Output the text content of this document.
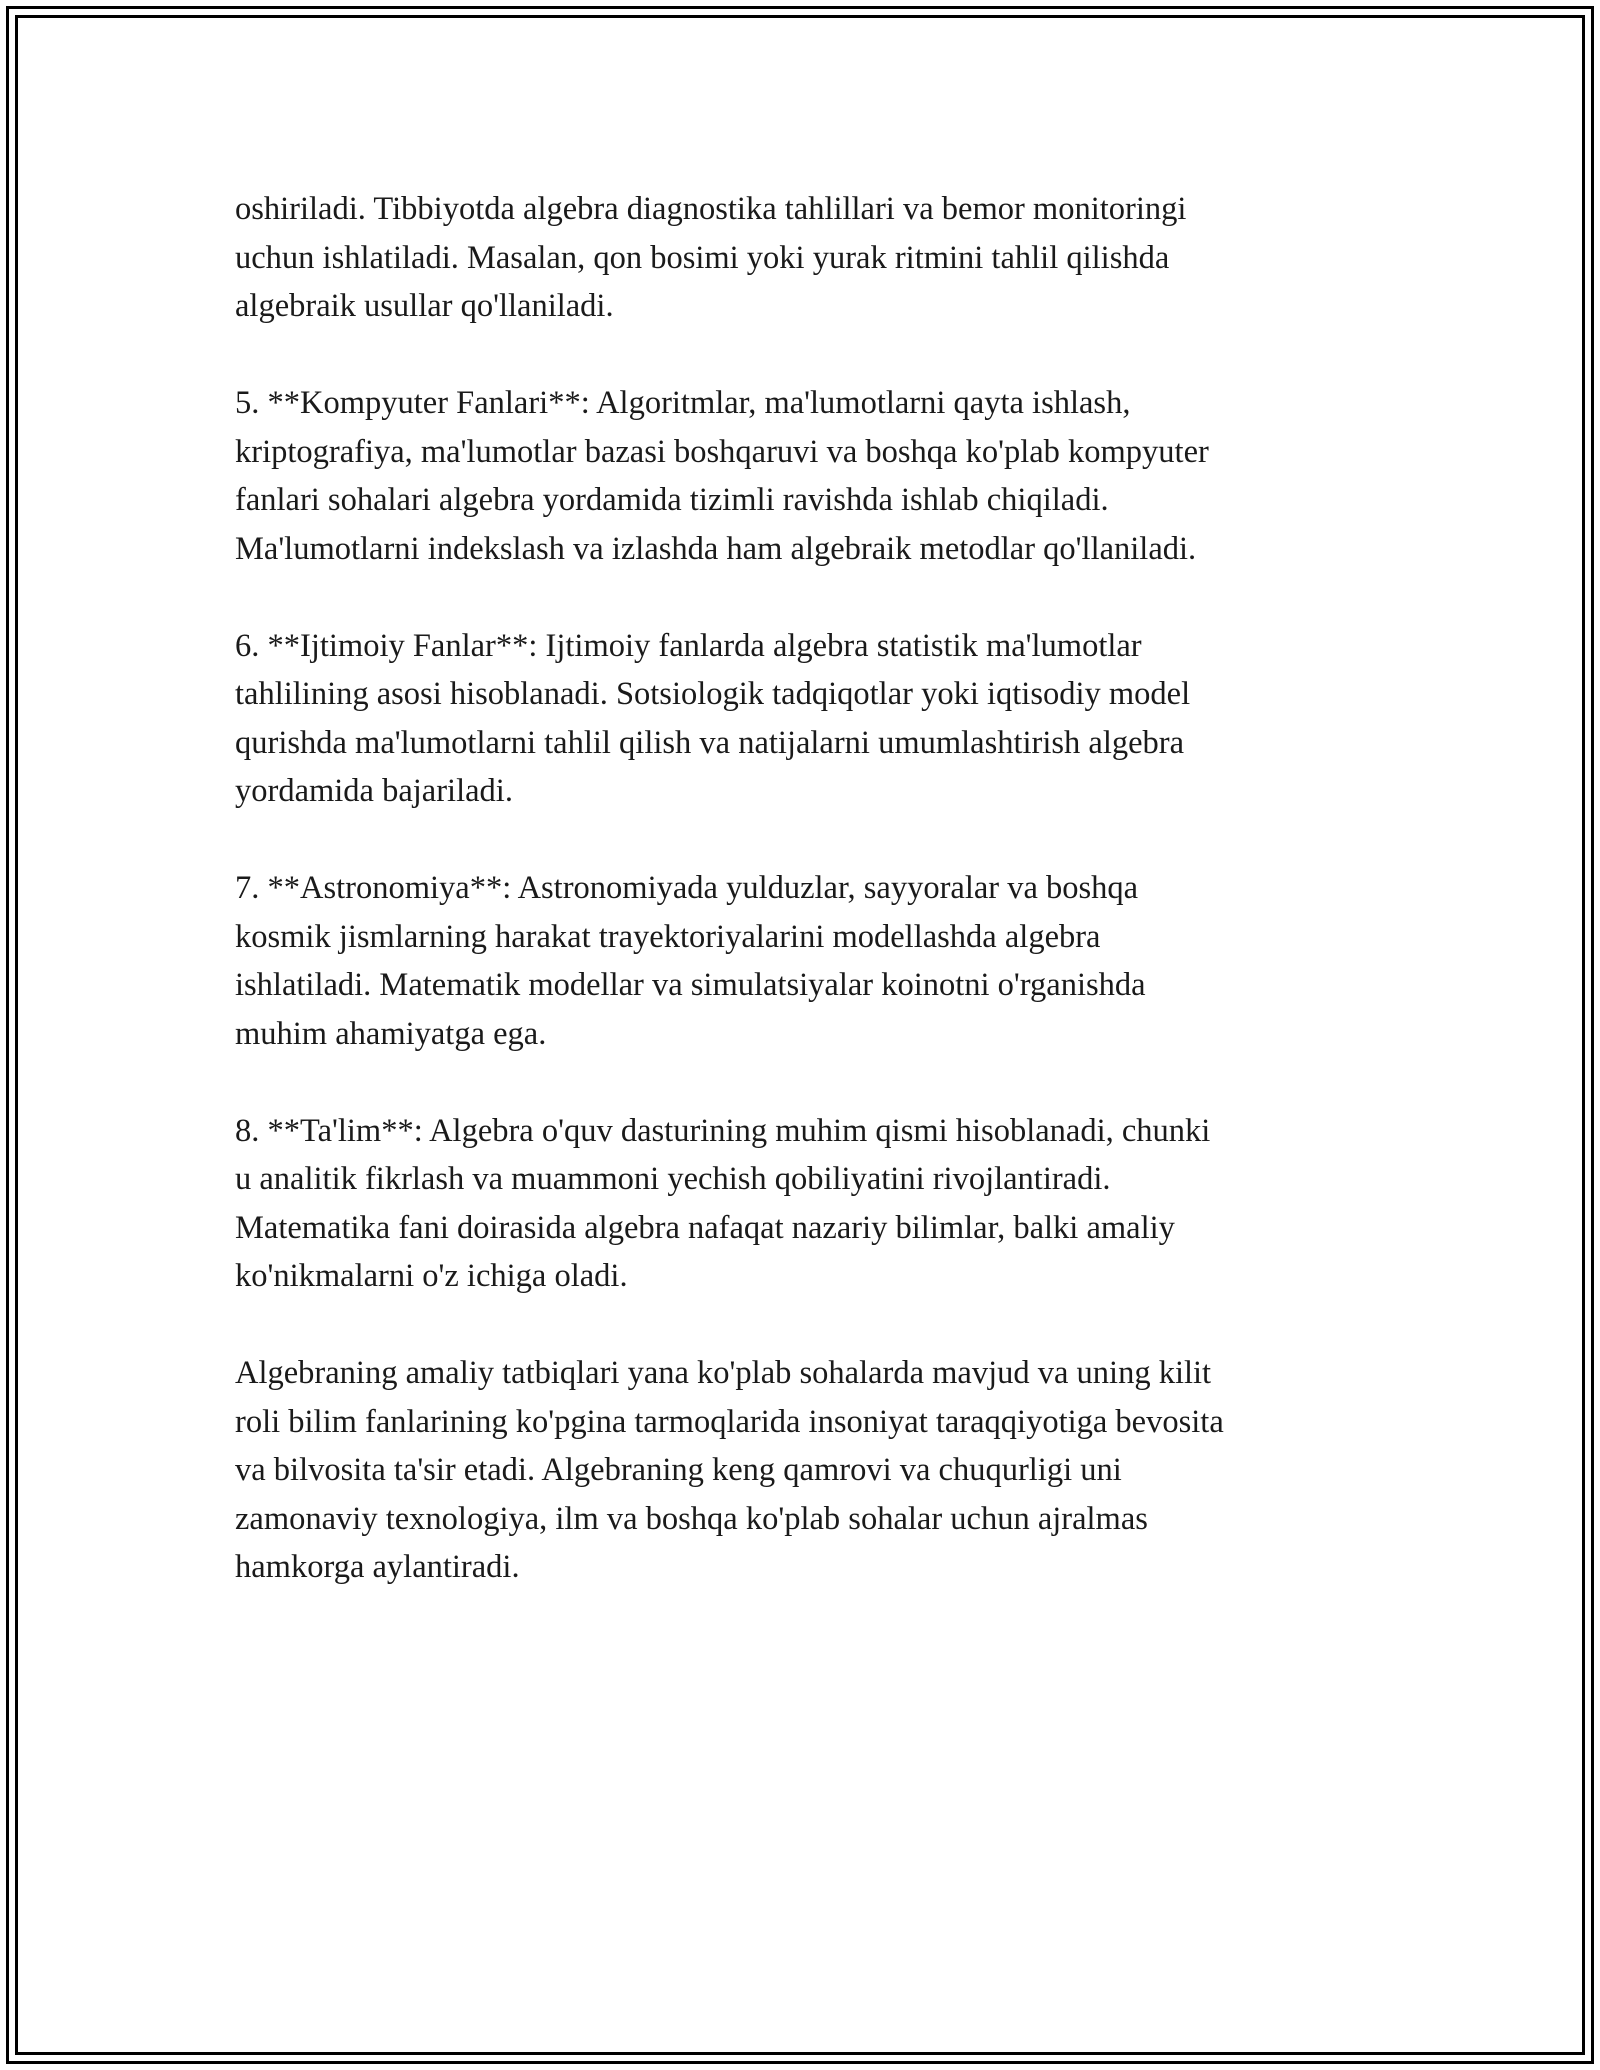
oshiriladi. Tibbiyotda algebra diagnostika tahlillari va bemor monitoringi
uchun ishlatiladi. Masalan, qon bosimi yoki yurak ritmini tahlil qilishda
algebraik usullar qo'llaniladi.

5. **Kompyuter Fanlari**: Algoritmlar, ma'lumotlarni qayta ishlash,
kriptografiya, ma'lumotlar bazasi boshqaruvi va boshqa ko'plab kompyuter
fanlari sohalari algebra yordamida tizimli ravishda ishlab chiqiladi.
Ma'lumotlarni indekslash va izlashda ham algebraik metodlar qo'llaniladi.

6. **Ijtimoiy Fanlar**: Ijtimoiy fanlarda algebra statistik ma'lumotlar
tahlilining asosi hisoblanadi. Sotsiologik tadqiqotlar yoki iqtisodiy model
qurishda ma'lumotlarni tahlil qilish va natijalarni umumlashtirish algebra
yordamida bajariladi.

7. **Astronomiya**: Astronomiyada yulduzlar, sayyoralar va boshqa
kosmik jismlarning harakat trayektoriyalarini modellashda algebra
ishlatiladi. Matematik modellar va simulatsiyalar koinotni o'rganishda
muhim ahamiyatga ega.

8. **Ta'lim**: Algebra o'quv dasturining muhim qismi hisoblanadi, chunki
u analitik fikrlash va muammoni yechish qobiliyatini rivojlantiradi.
Matematika fani doirasida algebra nafaqat nazariy bilimlar, balki amaliy
ko'nikmalarni o'z ichiga oladi.

Algebraning amaliy tatbiqlari yana ko'plab sohalarda mavjud va uning kilit
roli bilim fanlarining ko'pgina tarmoqlarida insoniyat taraqqiyotiga bevosita
va bilvosita ta'sir etadi. Algebraning keng qamrovi va chuqurligi uni
zamonaviy texnologiya, ilm va boshqa ko'plab sohalar uchun ajralmas
hamkorga aylantiradi.
